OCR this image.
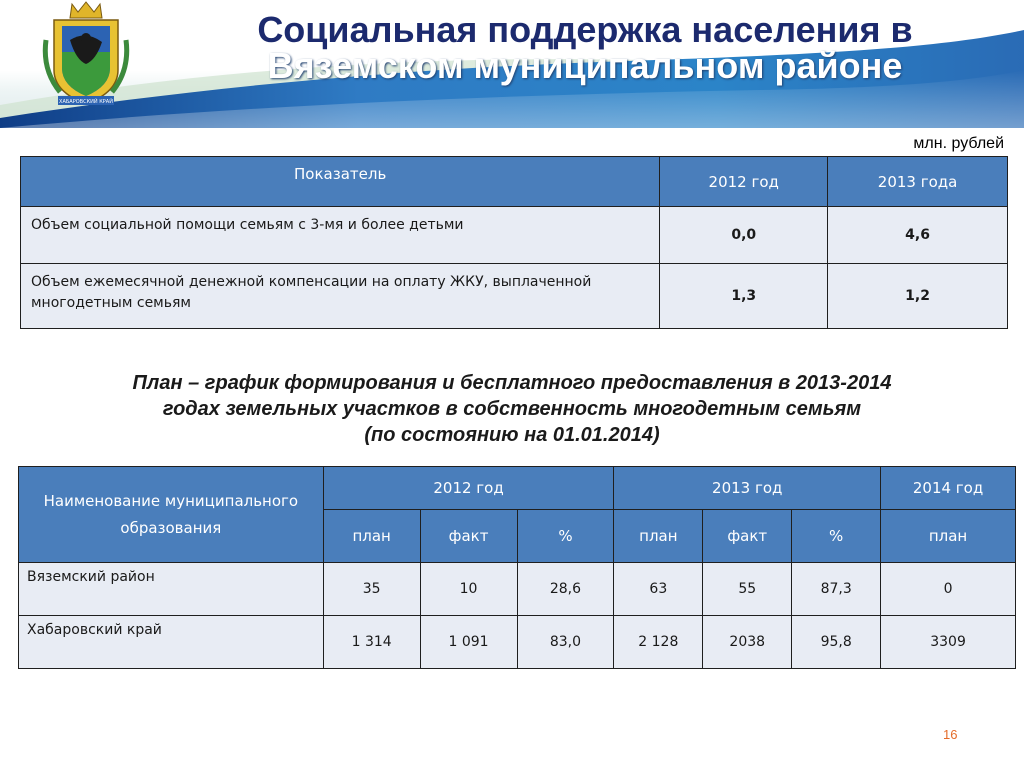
ХАБАРОВСКИЙ КРАЙ
Социальная поддержка населения в
Вяземском муниципальном районе
млн. рублей
Показатель	2012 год	2013 года
Объем социальной помощи семьям с 3-мя и более детьми	0,0	4,6
Объем ежемесячной денежной компенсации на оплату ЖКУ, выплаченной многодетным семьям	1,3	1,2
План – график формирования и бесплатного предоставления в 2013-2014
годах земельных участков в собственность многодетным семьям
(по состоянию на 01.01.2014)
Наименование муниципального образования	2012 год			2013 год			2014 год
	план	факт	%	план	факт	%	план
Вяземский район	35	10	28,6	63	55	87,3	0
Хабаровский край	1 314	1 091	83,0	2 128	2038	95,8	3309
16
